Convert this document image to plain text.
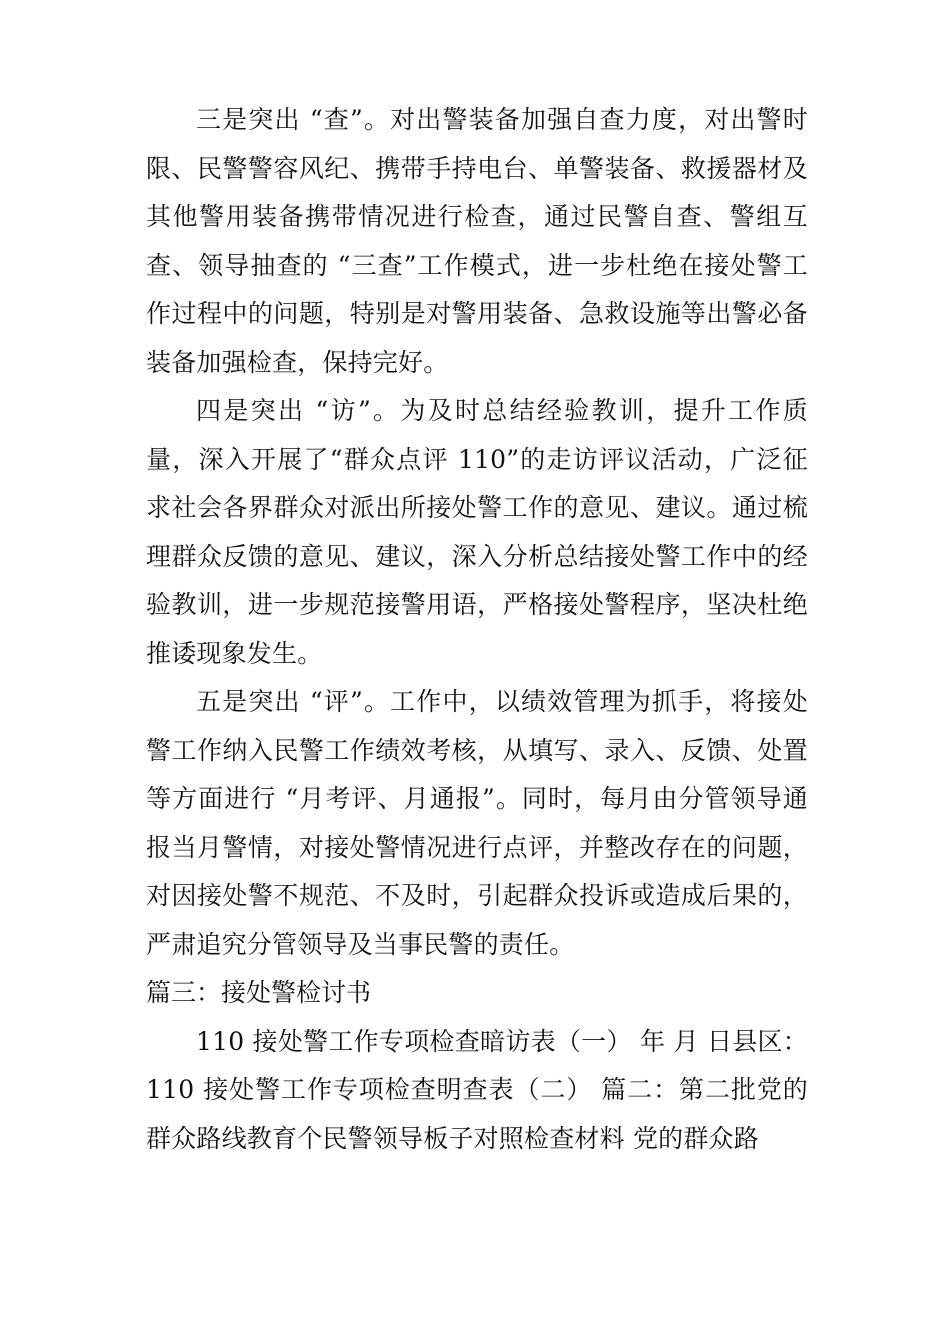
三是突出 “查”。对出警装备加强自查力度，对出警时限、民警警容风纪、携带手持电台、单警装备、救援器材及其他警用装备携带情况进行检查，通过民警自查、警组互查、领导抽查的 “三查”工作模式，进一步杜绝在接处警工作过程中的问题，特别是对警用装备、急救设施等出警必备装备加强检查，保持完好。

四是突出 “访”。为及时总结经验教训，提升工作质量，深入开展了“群众点评 110”的走访评议活动，广泛征求社会各界群众对派出所接处警工作的意见、建议。通过梳理群众反馈的意见、建议，深入分析总结接处警工作中的经验教训，进一步规范接警用语，严格接处警程序，坚决杜绝推诿现象发生。

五是突出 “评”。工作中，以绩效管理为抓手，将接处警工作纳入民警工作绩效考核，从填写、录入、反馈、处置等方面进行 “月考评、月通报”。同时，每月由分管领导通报当月警情，对接处警情况进行点评，并整改存在的问题，对因接处警不规范、不及时，引起群众投诉或造成后果的，严肃追究分管领导及当事民警的责任。

篇三：接处警检讨书

110 接处警工作专项检查暗访表（一） 年 月 日县区：110 接处警工作专项检查明查表（二） 篇二：第二批党的群众路线教育个民警领导板子对照检查材料 党的群众路
